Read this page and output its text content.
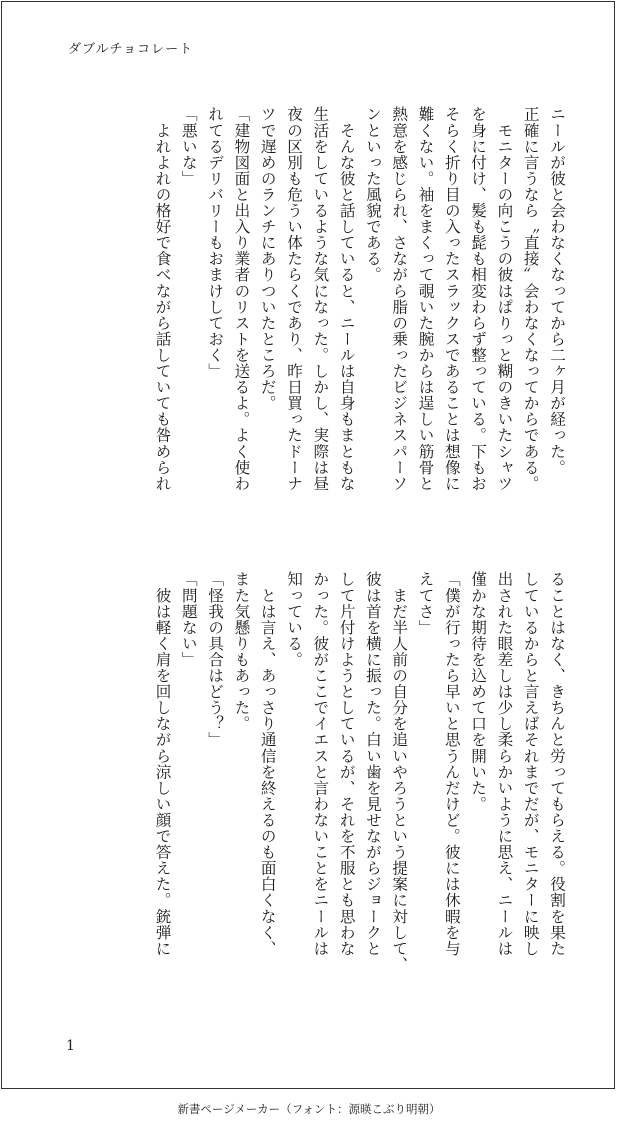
ダブルチョコレート
ニールが彼と会わなくなってから二ヶ月が経った。
正確に言うなら〝直接〟会わなくなってからである。
　モニターの向こうの彼はぱりっと糊のきいたシャツ
を身に付け、髪も髭も相変わらず整っている。下もお
そらく折り目の入ったスラックスであることは想像に
難くない。袖をまくって覗いた腕からは逞しい筋骨と
熱意を感じられ、さながら脂の乗ったビジネスパーソ
ンといった風貌である。
　そんな彼と話していると、ニールは自身もまともな
生活をしているような気になった。しかし、実際は昼
夜の区別も危うい体たらくであり、昨日買ったドーナ
ツで遅めのランチにありついたところだ。
「建物図面と出入り業者のリストを送るよ。よく使わ
れてるデリバリーもおまけしておく」
「悪いな」
　よれよれの格好で食べながら話していても咎められ
ることはなく、きちんと労ってもらえる。役割を果た
しているからと言えばそれまでだが、モニターに映し
出された眼差しは少し柔らかいように思え、ニールは
僅かな期待を込めて口を開いた。
「僕が行ったら早いと思うんだけど。彼には休暇を与
えてさ」
　まだ半人前の自分を追いやろうという提案に対して、
彼は首を横に振った。白い歯を見せながらジョークと
して片付けようとしているが、それを不服とも思わな
かった。彼がここでイエスと言わないことをニールは
知っている。
　とは言え、あっさり通信を終えるのも面白くなく、
また気懸りもあった。
「怪我の具合はどう？」
「問題ない」
　彼は軽く肩を回しながら涼しい顔で答えた。銃弾に
1
新書ページメーカー（フォント：源暎こぶり明朝）
